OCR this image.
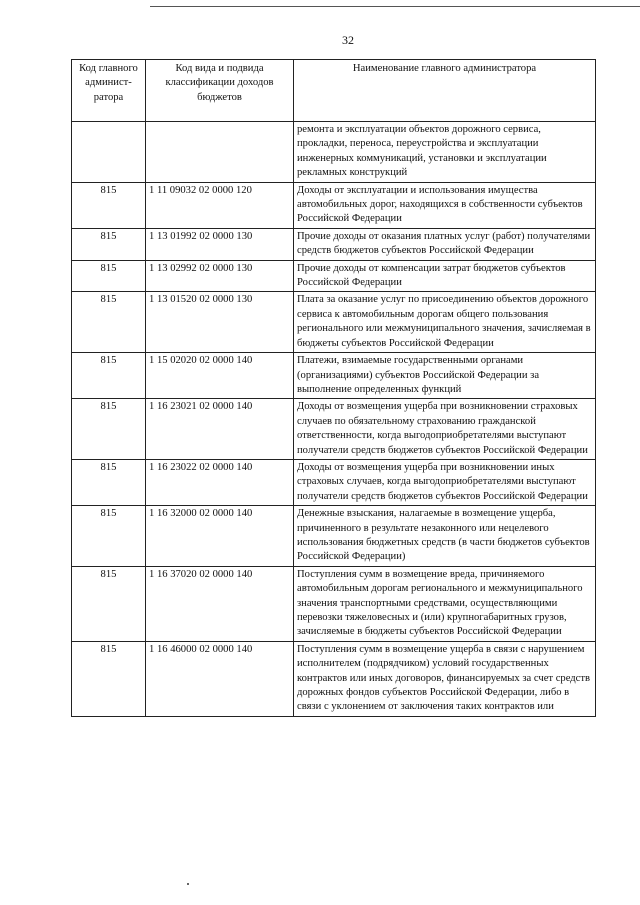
32
Код главного админист-ратора	Код вида и подвида классификации доходов бюджетов	Наименование главного администратора
		ремонта и эксплуатации объектов дорожного сервиса, прокладки, переноса, переустройства и эксплуатации инженерных коммуникаций, установки и эксплуатации рекламных конструкций
815	1 11 09032 02 0000 120	Доходы от эксплуатации и использования имущества автомобильных дорог, находящихся в собственности субъектов Российской Федерации
815	1 13 01992 02 0000 130	Прочие доходы от оказания платных услуг (работ) получателями средств бюджетов субъектов Российской Федерации
815	1 13 02992 02 0000 130	Прочие доходы от компенсации затрат бюджетов субъектов Российской Федерации
815	1 13 01520 02 0000 130	Плата за оказание услуг по присоединению объектов дорожного сервиса к автомобильным дорогам общего пользования регионального или межмуниципального значения, зачисляемая в бюджеты субъектов Российской Федерации
815	1 15 02020 02 0000 140	Платежи, взимаемые государственными органами (организациями) субъектов Российской Федерации за выполнение определенных функций
815	1 16 23021 02 0000 140	Доходы от возмещения ущерба при возникновении страховых случаев по обязательному страхованию гражданской ответственности, когда выгодоприобретателями выступают получатели средств бюджетов субъектов Российской Федерации
815	1 16 23022 02 0000 140	Доходы от возмещения ущерба при возникновении иных страховых случаев, когда выгодоприобретателями выступают получатели средств бюджетов субъектов Российской Федерации
815	1 16 32000 02 0000 140	Денежные взыскания, налагаемые в возмещение ущерба, причиненного в результате незаконного или нецелевого использования бюджетных средств (в части бюджетов субъектов Российской Федерации)
815	1 16 37020 02 0000 140	Поступления сумм в возмещение вреда, причиняемого автомобильным дорогам регионального и межмуниципального значения транспортными средствами, осуществляющими перевозки тяжеловесных и (или) крупногабаритных грузов, зачисляемые в бюджеты субъектов Российской Федерации
815	1 16 46000 02 0000 140	Поступления сумм в возмещение ущерба в связи с нарушением исполнителем (подрядчиком) условий государственных контрактов или иных договоров, финансируемых за счет средств дорожных фондов субъектов Российской Федерации, либо в связи с уклонением от заключения таких контрактов или
